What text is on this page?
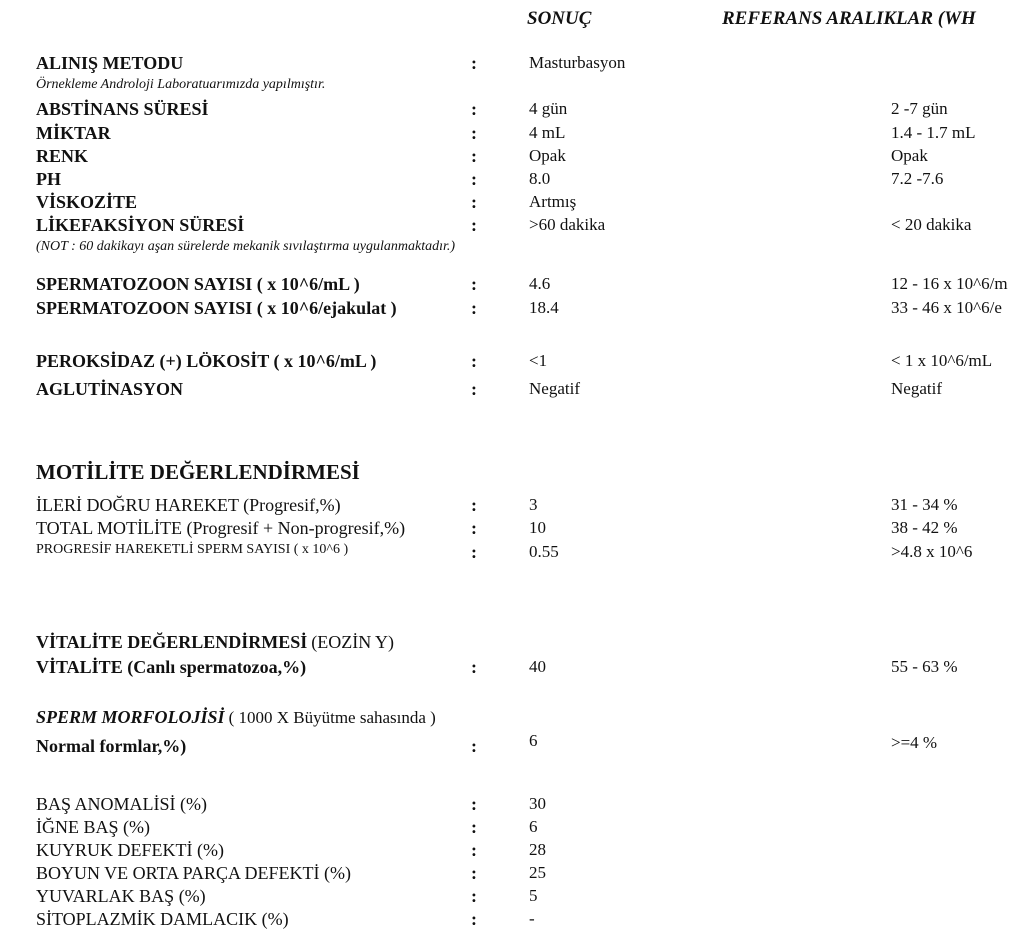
SONUÇ	REFERANS ARALIKLAR (WH
ALINIŞ METODU	:	Masturbasyon
Örnekleme Androloji Laboratuarımızda yapılmıştır.
ABSTİNANS SÜRESİ	:	4 gün	2 -7 gün
MİKTAR	:	4 mL	1.4 - 1.7 mL
RENK	:	Opak	Opak
PH	:	8.0	7.2 -7.6
VİSKOZİTE	:	Artmış
LİKEFAKSİYON SÜRESİ	:	>60 dakika	< 20 dakika
(NOT : 60 dakikayı aşan sürelerde mekanik sıvılaştırma uygulanmaktadır.)
SPERMATOZOON SAYISI ( x 10^6/mL )	:	4.6	12 - 16 x 10^6/m
SPERMATOZOON SAYISI ( x 10^6/ejakulat )	:	18.4	33 - 46 x 10^6/e
PEROKSİDAZ (+) LÖKOSİT ( x 10^6/mL )	:	<1	< 1 x 10^6/mL
AGLUTİNASYON	:	Negatif	Negatif
MOTİLİTE DEĞERLENDİRMESİ
İLERİ DOĞRU HAREKET (Progresif,%)	:	3	31 - 34 %
TOTAL MOTİLİTE (Progresif + Non-progresif,%)	:	10	38 - 42 %
PROGRESİF HAREKETLİ SPERM SAYISI ( x 10^6 )	:	0.55	>4.8 x 10^6
VİTALİTE DEĞERLENDİRMESİ (EOZİN Y)
VİTALİTE (Canlı spermatozoa,%)	:	40	55 - 63 %
SPERM MORFOLOJİSİ ( 1000 X Büyütme sahasında )
Normal formlar,%)	:	6	>=4 %
BAŞ ANOMALİSİ (%)	:	30
İĞNE BAŞ (%)	:	6
KUYRUK DEFEKTİ (%)	:	28
BOYUN VE ORTA PARÇA DEFEKTİ (%)	:	25
YUVARLAK BAŞ (%)	:	5
SİTOPLAZMİK DAMLACIK (%)	:	-
